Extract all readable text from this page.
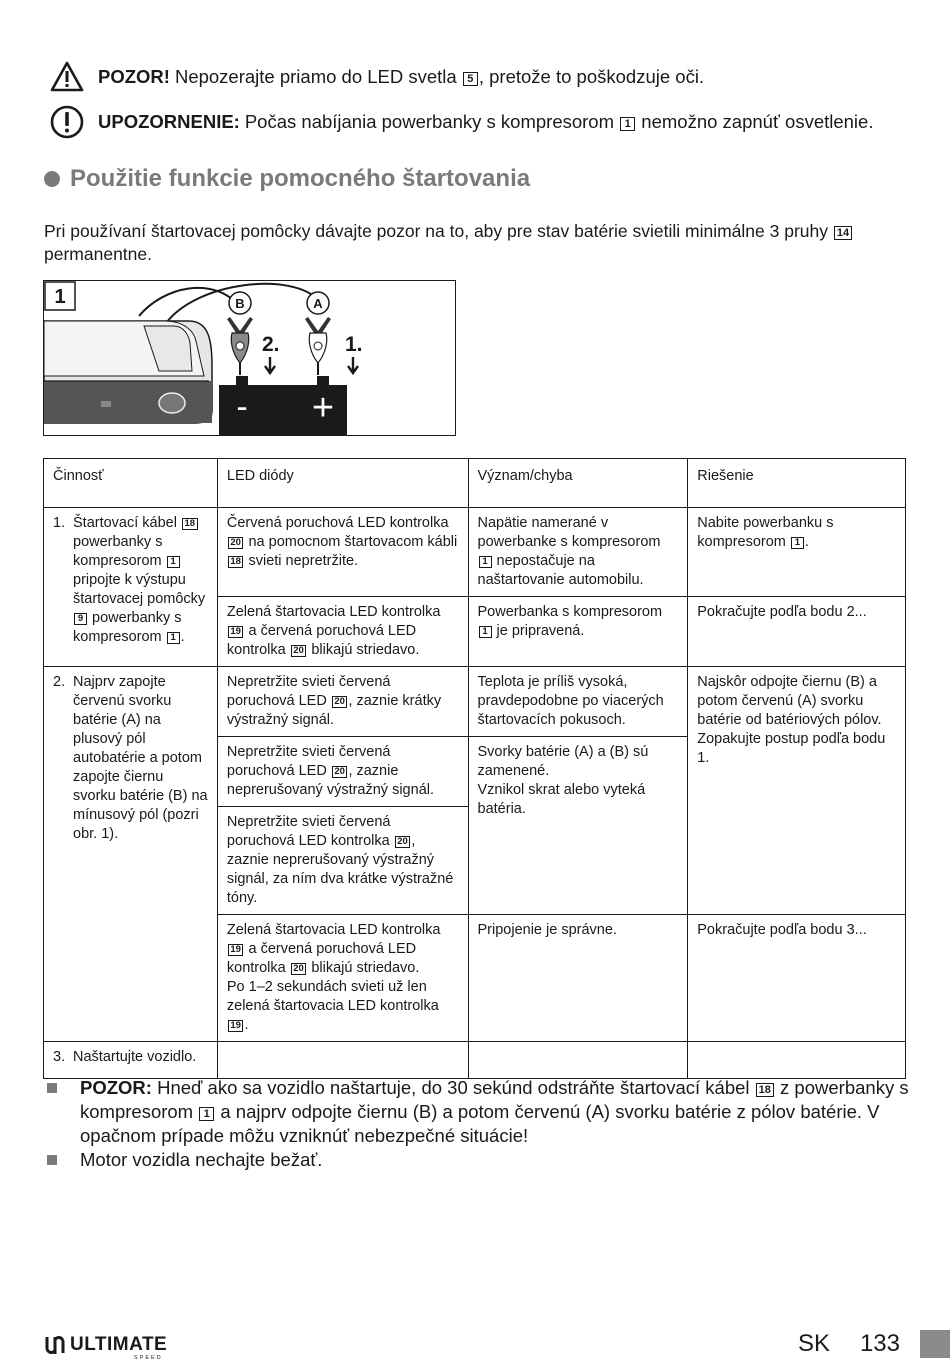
POZOR! Nepozerajte priamo do LED svetla 5 , pretože to poškodzuje oči.
UPOZORNENIE: Počas nabíjania powerbanky s kompresorom 1 nemožno zapnúť osvetlenie.
Použitie funkcie pomocného štartovania
Pri používaní štartovacej pomôcky dávajte pozor na to, aby pre stav batérie svietili minimálne 3 pruhy 14
permanentne.
1
- +
B	A
2.	1.
Činnosť	LED diódy	Význam/chyba	Riešenie

1. Štartovací kábel 18 powerbanky s kompresorom 1 pripojte k výstupu štartovacej pomôcky 9 powerbanky s kompresorom 1 .	Červená poruchová LED kontrolka 20 na pomocnom štartovacom kábli 18 svieti nepretržite.	Napätie namerané v powerbanke s kompresorom 1 nepostačuje na naštartovanie automobilu.	Nabite powerbanku s kompresorom 1 .
	Zelená štartovacia LED kontrolka 19 a červená poruchová LED kontrolka 20 blikajú striedavo.	Powerbanka s kompresorom 1 je pripravená.	Pokračujte podľa bodu 2...

2. Najprv zapojte červenú svorku batérie (A) na plusový pól autobatérie a potom zapojte čiernu svorku batérie (B) na mínusový pól (pozri obr. 1).	Nepretržite svieti červená poruchová LED 20 , zaznie krátky výstražný signál.	Teplota je príliš vysoká, pravdepodobne po viacerých štartovacích pokusoch.	Najskôr odpojte čiernu (B) a potom červenú (A) svorku batérie od batériových pólov. Zopakujte postup podľa bodu 1.
	Nepretržite svieti červená poruchová LED 20 , zaznie neprerušovaný výstražný signál.	Svorky batérie (A) a (B) sú zamenené.
Vznikol skrat alebo vyteká batéria.	

	Nepretržite svieti červená poruchová LED kontrolka 20 , zaznie neprerušovaný výstražný signál, za ním dva krátke výstražné tóny.		
	Zelená štartovacia LED kontrolka 19 a červená poruchová LED kontrolka 20 blikajú striedavo.
Po 1–2 sekundách svieti už len zelená štartovacia LED kontrolka 19 .	Pripojenie je správne.	Pokračujte podľa bodu 3...

3. Naštartujte vozidlo.			

POZOR: Hneď ako sa vozidlo naštartuje, do 30 sekúnd odstráňte štartovací kábel 18 z powerbanky s kompresorom 1 a najprv odpojte čiernu (B) a potom červenú (A) svorku batérie z pólov batérie. V opačnom prípade môžu vzniknúť nebezpečné situácie!
Motor vozidla nechajte bežať.
ULTIMATE
SPEED
SK 133
